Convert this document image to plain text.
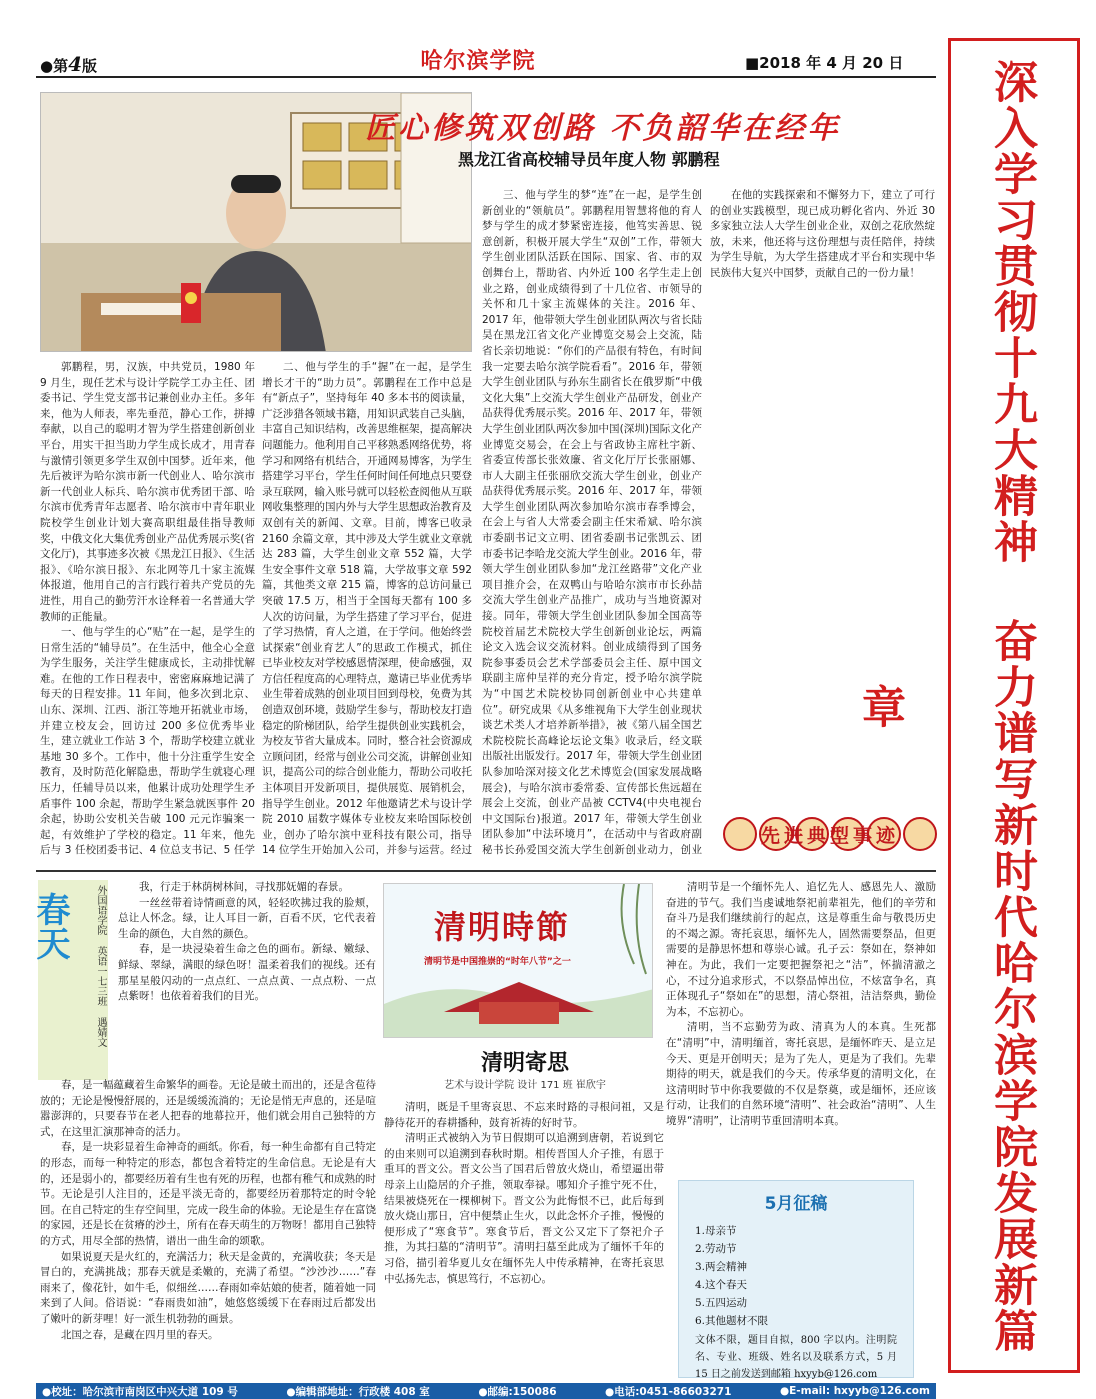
●第4版	哈尔滨学院	■2018 年 4 月 20 日	深入学习贯彻十九大精神 奋力谱写新时代哈尔滨学院发展新篇章
匠心修筑双创路 不负韶华在经年
黑龙江省高校辅导员年度人物 郭鹏程

郭鹏程，男，汉族，中共党员，1980 年 9 月生，现任艺术与设计学院学工办主任、团委书记、学生党支部书记兼创业办主任。多年来，他为人师表，率先垂范，静心工作，拼搏奉献，以自己的聪明才智为学生搭建创新创业平台，用实干担当助力学生成长成才，用青春与激情引领更多学生双创中国梦。近年来，他先后被评为哈尔滨市新一代创业人、哈尔滨市新一代创业人标兵、哈尔滨市优秀团干部、哈尔滨市优秀青年志愿者、哈尔滨市中青年职业院校学生创业计划大赛高职组最佳指导教师奖，中俄文化大集优秀创业产品优秀展示奖(省文化厅)，其事迹多次被《黑龙江日报》、《生活报》、《哈尔滨日报》、东北网等几十家主流媒体报道，他用自己的言行践行着共产党员的先进性，用自己的勤劳汗水诠释着一名普通大学教师的正能量。

一、他与学生的心“贴”在一起，是学生的日常生活的“辅导员”。在生活中，他全心全意为学生服务，关注学生健康成长，主动排忧解难。在他的工作日程表中，密密麻麻地记满了每天的日程安排。11 年间，他多次到北京、山东、深圳、江西、浙江等地开拓就业市场，并建立校友会，回访过 200 多位优秀毕业生，建立就业工作站 3 个，帮助学校建立就业基地 30 多个。工作中，他十分注重学生安全教育，及时防范化解隐患，帮助学生就寝心理压力，任辅导员以来，他累计成功处理学生矛盾事件 100 余起，帮助学生紧急就医事件 20 余起，协助公安机关告破 100 元元诈骗案一起，有效维护了学校的稳定。11 年来，他先后与 3 任校团委书记、4 位总支书记、5 任学

二、他与学生的手“握”在一起，是学生增长才干的“助力员”。郭鹏程在工作中总是有“新点子”，坚持每年 40 多本书的阅读量，广泛涉猎各领域书籍，用知识武装自己头脑，丰富自己知识结构，改善思维框架，提高解决问题能力。他利用自己平移熟悉网络优势，将学习和网络有机结合，开通网易博客，为学生搭建学习平台，学生任何时间任何地点只要登录互联网，输入账号就可以轻松查阅他从互联网收集整理的国内外与大学生思想政治教育及双创有关的新闻、文章。目前，博客已收录 2160 余篇文章，其中涉及大学生就业文章就达 283 篇，大学生创业文章 552 篇，大学生安全事件文章 518 篇，大学故事文章 592 篇，其他类文章 215 篇，博客的总访问量已突破 17.5 万，相当于全国每天都有 100 多人次的访问量，为学生搭建了学习平台，促进了学习热情，育人之道，在于学问。他始终尝试探索“创业育艺人”的思政工作模式，抓住已毕业校友对学校感恩情深理，使命感强，双方信任程度高的心理特点，邀请已毕业优秀毕业生带着成熟的创业项目回到母校，免费为其创造双创环境，鼓励学生参与，帮助校友打造稳定的阶梯团队，给学生提供创业实践机会，为校友节省大量成本。同时，整合社会资源成立顾问团，经常与创业公司交流，讲解创业知识，提高公司的综合创业能力，帮助公司收托主体项目开发新项目，提供展览、展销机会，指导学生创业。2012 年他邀请艺术与设计学院 2010 届数字媒体专业校友来哈国际校创业，创办了哈尔滨中亚科技有限公司，指导 14 位学生开始加入公司，并参与运营。经过

三、他与学生的梦“连”在一起，是学生创新创业的“领航员”。郭鹏程用智慧将他的育人梦与学生的成才梦紧密连接，他笃实善思、锐意创新，积极开展大学生“双创”工作，带领大学生创业团队活跃在国际、国家、省、市的双创舞台上，帮助省、内外近 100 名学生走上创业之路，创业成绩得到了十几位省、市领导的关怀和几十家主流媒体的关注。2016 年、2017 年，他带领大学生创业团队两次与省长陆昊在黑龙江省文化产业博览交易会上交流，陆省长亲切地说：“你们的产品很有特色，有时间我一定要去哈尔滨学院看看”。2016 年，带领大学生创业团队与孙东生副省长在俄罗斯“中俄文化大集”上交流大学生创业产品研发，创业产品获得优秀展示奖。2016 年、2017 年，带领大学生创业团队两次参加中国(深圳)国际文化产业博览交易会，在会上与省政协主席杜宇新、省委宣传部长张效廉、省文化厅厅长张丽娜、市人大副主任张丽欣交流大学生创业，创业产品获得优秀展示奖。2016 年、2017 年，带领大学生创业团队两次参加哈尔滨市春季博会，在会上与省人大常委会副主任宋希斌、哈尔滨市委副书记文立明、团省委副书记张凯云、团市委书记李哈龙交流大学生创业。2016 年，带领大学生创业团队参加“龙江丝路带”文化产业项目推介会，在双鸭山与哈哈尔滨市市长孙喆交流大学生创业产品推广，成功与当地资源对接。同年，带领大学生创业团队参加全国高等院校首届艺术院校大学生创新创业论坛，两篇论文入选会议交流材料。创业成绩得到了国务院参事委员会艺术学部委员会主任、原中国文联副主席仲呈祥的充分肯定，授予哈尔滨学院为“中国艺术院校协同创新创业中心共建单位”。研究成果《从多维视角下大学生创业现状谈艺术类人才培养新举措》，被《第八届全国艺术院校院长高峰论坛论文集》收录后，经文联出版社出版发行。2017 年，带领大学生创业团队参加哈深对接文化艺术博览会(国家发展战略展会)，与哈尔滨市委常委、宣传部长焦远超在展会上交流，创业产品被 CCTV4(中央电视台中文国际台)报道。2017 年，带领大学生创业团队参加“中法环境月”，在活动中与省政府副秘书长孙爱国交流大学生创新创业动力，创业

在他的实践探索和不懈努力下，建立了可行的创业实践模型，现已成功孵化省内、外近 30 多家独立法人大学生创业企业，双创之花欣然绽放，未来，他还将与这份理想与责任陪伴，持续为学生导航，为大学生搭建成才平台和实现中华民族伟大复兴中国梦，贡献自己的一份力量！

先进典型事迹
春天	外国语学院 英语一七三班 遇婧文	我，行走于林荫树林间，寻找那妩媚的春景。

一丝丝带着诗情画意的风，轻轻吹拂过我的脸颊，总让人怀念。绿，让人耳目一新，百看不厌，它代表着生命的颜色，大自然的颜色。

春，是一块浸染着生命之色的画布。新绿、嫩绿、鲜绿、翠绿，满眼的绿色呀！温柔着我们的视线。还有那星星般闪动的一点点红、一点点黄、一点点粉、一点点紫呀！也依着着我们的目光。

春，是一幅蕴藏着生命繁华的画卷。无论是破土而出的，还是含苞待放的；无论是慢慢舒展的，还是缓缓流淌的；无论是悄无声息的，还是喧嚣澎湃的，只要春节在老人把春的地幕拉开，他们就会用自己独特的方式，在这里汇演那神奇的活力。

春，是一块彩显着生命神奇的画纸。你看，每一种生命都有自己特定的形态，而每一种特定的形态，都包含着特定的生命信息。无论是有大的，还是弱小的，都要经历着有生也有死的历程，也都有稚气和成熟的时节。无论是引人注目的，还是平淡无奇的，都要经历着那特定的时令轮回。在自己特定的生存空间里，完成一段生命的体验。无论是生存在富饶的家园，还是长在贫瘠的沙土，所有在春天萌生的万物呀！都用自己独特的方式，用尽全部的热情，谱出一曲生命的颂歌。

如果说夏天是火红的，充满活力；秋天是金黄的，充满收获；冬天是冒白的，充满挑战；那春天就是柔嫩的，充满了希望。“沙沙沙……”春雨来了，像花针，如牛毛，似细丝……春雨如牵姑娘的使者，随着她一同来到了人间。俗语说：“春雨贵如油”，她悠悠缓缓下在春雨过后都发出了嫩叶的新芽哩！好一派生机勃勃的画景。

北国之春，是藏在四月里的春天。

清明時節
清明节是中国推崇的“时年八节”之一
清明寄思
艺术与设计学院 设计 171 班 崔欣宇

清明，既是千里寄哀思、不忘来时路的寻根问祖，又是静待花开的春耕播种，鼓育祈祷的好时节。

清明正式被纳入为节日假期可以追溯到唐朝，若说到它的由来则可以追溯到春秋时期。相传晋国人介子推，有恩于重耳的晋文公。晋文公当了国君后曾放火烧山，希望逼出带母亲上山隐居的介子推，领取奉禄。哪知介子推宁死不仕，结果被烧死在一棵柳树下。晋文公为此悔恨不已，此后每到放火烧山那日，宫中便禁止生火，以此念怀介子推，慢慢的便形成了“寒食节”。寒食节后，晋文公又定下了祭祀介子推，为其扫墓的“清明节”。清明扫墓至此成为了缅怀千年的习俗，描引着华夏儿女在缅怀先人中传承精神，在寄托哀思中弘扬先志，慎思笃行，不忘初心。

清明节是一个缅怀先人、追忆先人、感恩先人、激励奋进的节气。我们当虔诚地祭祀前辈祖先，他们的辛劳和奋斗乃是我们继续前行的起点，这是尊重生命与敬畏历史的不竭之源。寄托哀思，缅怀先人，固然需要祭品，但更需要的是静思怀想和尊崇心诚。孔子云：祭如在，祭神如神在。为此，我们一定要把握祭祀之“洁”，怀揣清澈之心，不过分追求形式，不以祭品悼出位，不炫富争名，真正体现孔子“祭如在”的思想，清心祭祖，洁洁祭典，勤俭为本，不忘初心。

清明，当不忘勤劳为政、清真为人的本真。生死都在“清明”中，清明缅首，寄托哀思，是缅怀昨天、是立足今天、更是开创明天；是为了先人，更是为了我们。先辈期待的明天，就是我们的今天。传承华夏的清明文化，在这清明时节中你我要做的不仅是祭奠，或是缅怀，还应该行动，让我们的自然环境“清明”、社会政治“清明”、人生境界“清明”，让清明节重回清明本真。

5月征稿
1.母亲节
2.劳动节
3.两会精神
4.这个春天
5.五四运动
6.其他题材不限
文体不限，题目自拟，800 字以内。注明院名、专业、班级、姓名以及联系方式，5 月 15 日之前发送到邮箱 hxyyb@126.com
●校址：哈尔滨市南岗区中兴大道 109 号	●编辑部地址：行政楼 408 室	●邮编:150086	●电话:0451-86603271	●E-mail: hxyyb@126.com
